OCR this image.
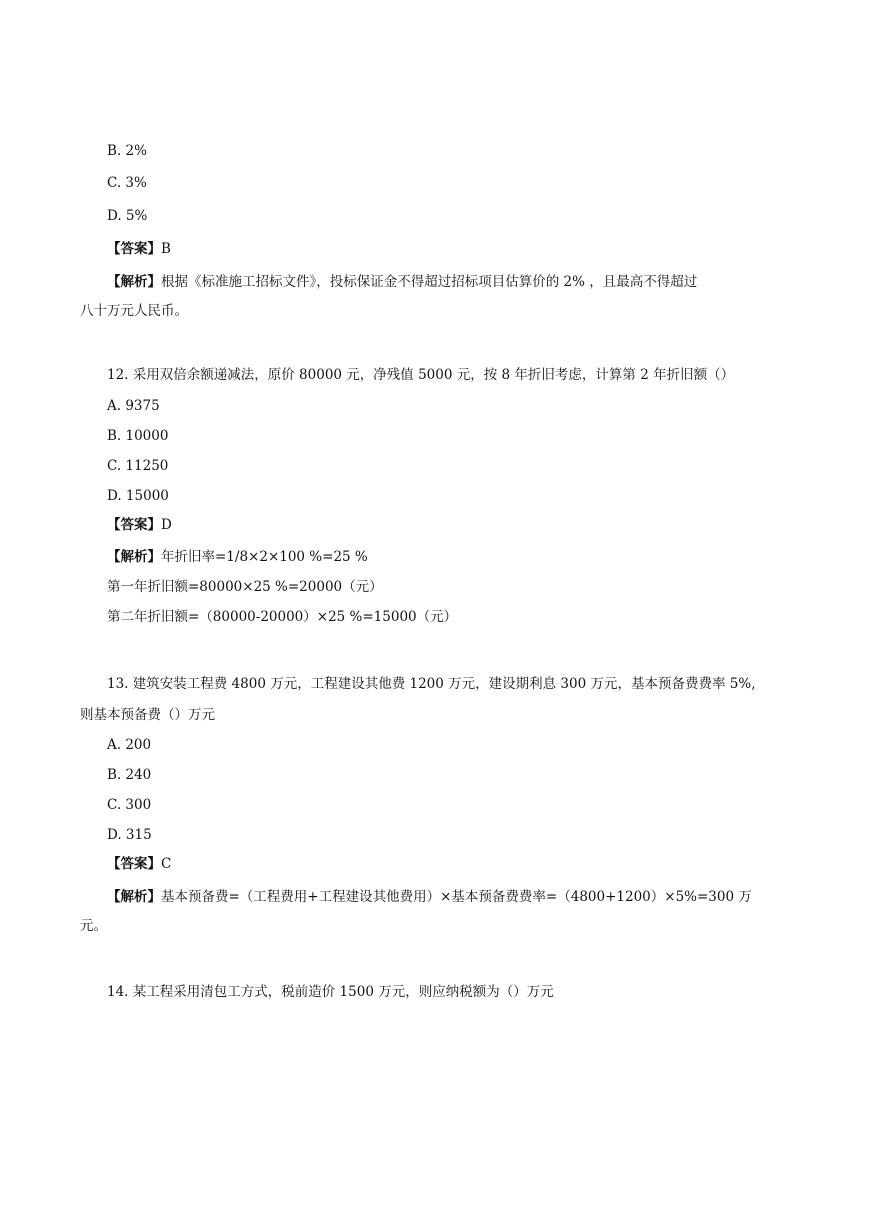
B. 2%
C. 3%
D. 5%
【答案】B
【解析】根据《标准施工招标文件》，投标保证金不得超过招标项目估算价的 2% ，且最高不得超过
八十万元人民币。
12. 采用双倍余额递减法，原价 80000 元，净残值 5000 元，按 8 年折旧考虑，计算第 2 年折旧额（）
A. 9375
B. 10000
C. 11250
D. 15000
【答案】D
【解析】年折旧率=1/8×2×100 %=25 %
第一年折旧额=80000×25 %=20000（元）
第二年折旧额=（80000-20000）×25 %=15000（元）
13. 建筑安装工程费 4800 万元，工程建设其他费 1200 万元，建设期利息 300 万元，基本预备费费率 5%,
则基本预备费（）万元
A. 200
B. 240
C. 300
D. 315
【答案】C
【解析】基本预备费=（工程费用+工程建设其他费用）×基本预备费费率=（4800+1200）×5%=300 万
元。
14. 某工程采用清包工方式，税前造价 1500 万元，则应纳税额为（）万元
